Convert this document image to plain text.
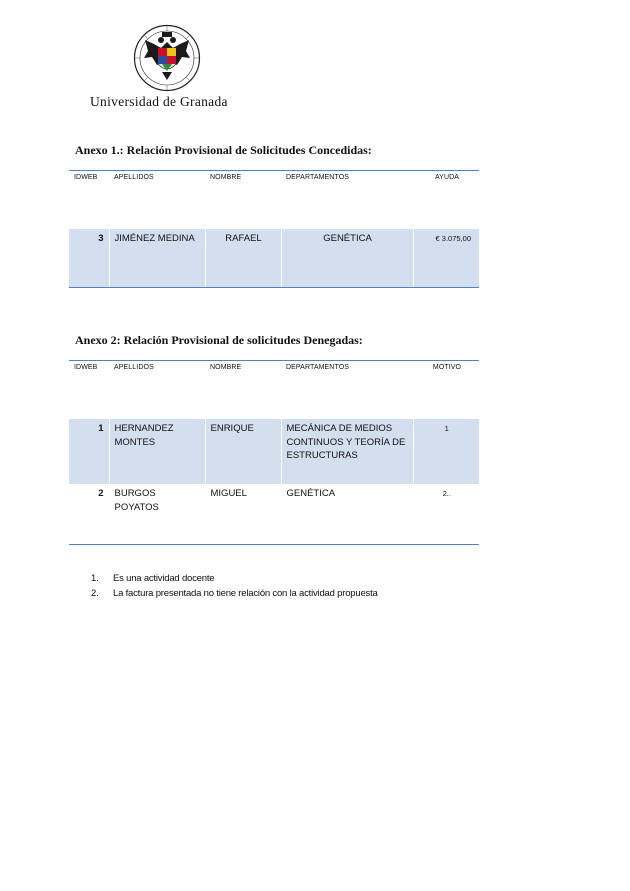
Universidad de Granada
Anexo 1.: Relación Provisional de Solicitudes Concedidas:
IDWEB	APELLIDOS	NOMBRE	DEPARTAMENTOS	AYUDA
3	JIMÉNEZ MEDINA	RAFAEL	GENÉTICA	€ 3.075,00
Anexo 2: Relación Provisional de solicitudes Denegadas:
IDWEB	APELLIDOS	NOMBRE	DEPARTAMENTOS	MOTIVO
1	HERNANDEZ MONTES	ENRIQUE	MECÁNICA DE MEDIOS CONTINUOS Y TEORÍA DE ESTRUCTURAS	1
2	BURGOS POYATOS	MIGUEL	GENÉTICA	2..
1.	Es una actividad docente
2.	La factura presentada no tiene relación con la actividad propuesta
